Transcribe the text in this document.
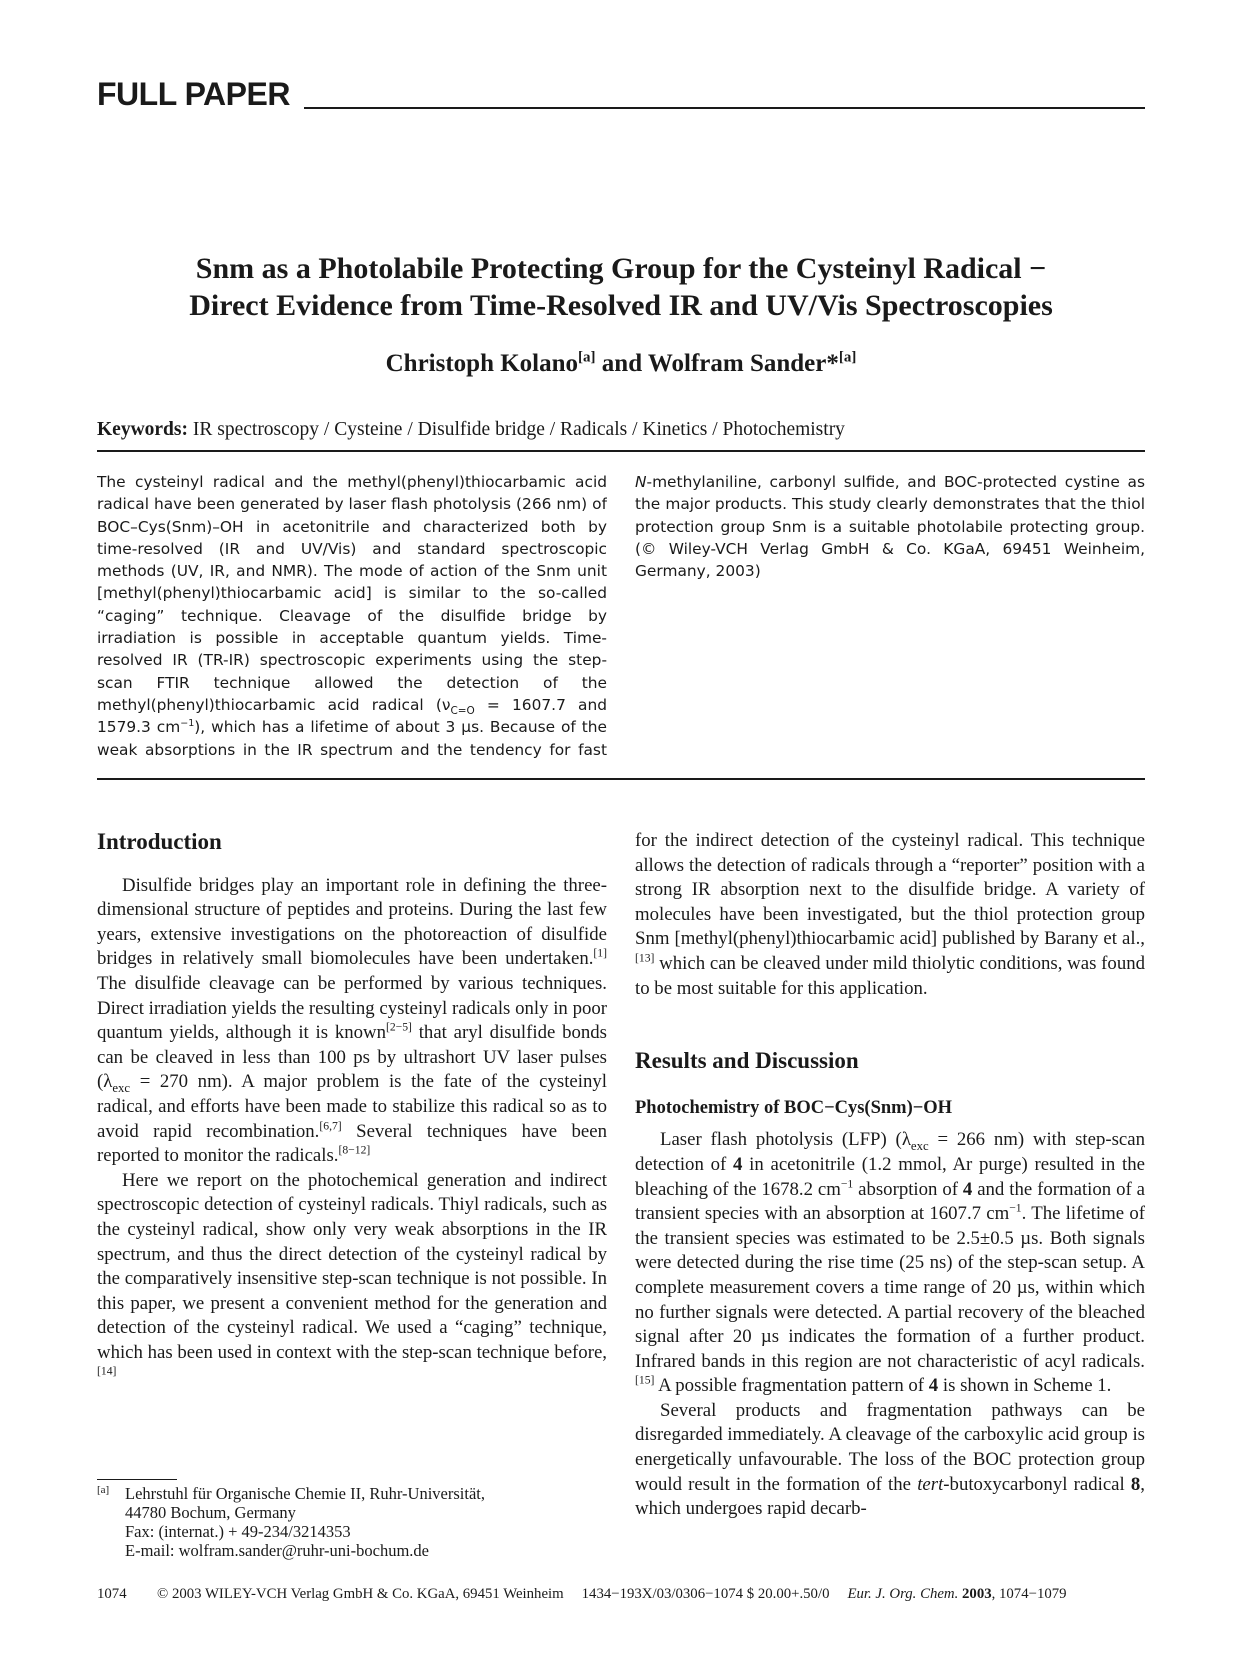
FULL PAPER
Snm as a Photolabile Protecting Group for the Cysteinyl Radical −
Direct Evidence from Time-Resolved IR and UV/Vis Spectroscopies
Christoph Kolano[a] and Wolfram Sander*[a]
Keywords: IR spectroscopy / Cysteine / Disulfide bridge / Radicals / Kinetics / Photochemistry
The cysteinyl radical and the methyl(phenyl)thiocarbamic acid radical have been generated by laser flash photolysis (266 nm) of BOC–Cys(Snm)–OH in acetonitrile and characterized both by time-resolved (IR and UV/Vis) and standard spectroscopic methods (UV, IR, and NMR). The mode of action of the Snm unit [methyl(phenyl)thiocarbamic acid] is similar to the so-called “caging” technique. Cleavage of the disulfide bridge by irradiation is possible in acceptable quantum yields. Time-resolved IR (TR-IR) spectroscopic experiments using the step-scan FTIR technique allowed the detection of the methyl(phenyl)thiocarbamic acid radical ($\nu_{C=O} = 1607.7$ and 1579.3 $cm^{-1}$), which has a lifetime of about 3 µs. Because of the weak absorptions in the IR spectrum and the tendency for fast
N-methylaniline, carbonyl sulfide, and BOC-protected cystine as the major products. This study clearly demonstrates that the thiol protection group Snm is a suitable photolabile protecting group. (© Wiley-VCH Verlag GmbH & Co. KGaA, 69451 Weinheim, Germany, 2003)
Introduction

Disulfide bridges play an important role in defining the three-dimensional structure of peptides and proteins. During the last few years, extensive investigations on the photoreaction of disulfide bridges in relatively small biomolecules have been undertaken.[1] The disulfide cleavage can be performed by various techniques. Direct irradiation yields the resulting cysteinyl radicals only in poor quantum yields, although it is known[2−5] that aryl disulfide bonds can be cleaved in less than 100 ps by ultrashort UV laser pulses ($\lambda_{exc} = 270$ nm). A major problem is the fate of the cysteinyl radical, and efforts have been made to stabilize this radical so as to avoid rapid recombination.[6,7] Several techniques have been reported to monitor the radicals.[8−12]

Here we report on the photochemical generation and indirect spectroscopic detection of cysteinyl radicals. Thiyl radicals, such as the cysteinyl radical, show only very weak absorptions in the IR spectrum, and thus the direct detection of the cysteinyl radical by the comparatively insensitive step-scan technique is not possible. In this paper, we present a convenient method for the generation and detection of the cysteinyl radical. We used a “caging” technique, which has been used in context with the step-scan technique before,[14]

for the indirect detection of the cysteinyl radical. This technique allows the detection of radicals through a “reporter” position with a strong IR absorption next to the disulfide bridge. A variety of molecules have been investigated, but the thiol protection group Snm [methyl(phenyl)thiocarbamic acid] published by Barany et al.,[13] which can be cleaved under mild thiolytic conditions, was found to be most suitable for this application.

Results and Discussion
Photochemistry of BOC−Cys(Snm)−OH

Laser flash photolysis (LFP) ($\lambda_{exc} = 266$ nm) with step-scan detection of 4 in acetonitrile (1.2 mmol, Ar purge) resulted in the bleaching of the 1678.2 $cm^{-1}$ absorption of 4 and the formation of a transient species with an absorption at 1607.7 $cm^{-1}$. The lifetime of the transient species was estimated to be 2.5±0.5 µs. Both signals were detected during the rise time (25 ns) of the step-scan setup. A complete measurement covers a time range of 20 µs, within which no further signals were detected. A partial recovery of the bleached signal after 20 µs indicates the formation of a further product. Infrared bands in this region are not characteristic of acyl radicals.[15] A possible fragmentation pattern of 4 is shown in Scheme 1.

Several products and fragmentation pathways can be disregarded immediately. A cleavage of the carboxylic acid group is energetically unfavourable. The loss of the BOC protection group would result in the formation of the tert-butoxycarbonyl radical 8, which undergoes rapid decarb-

[a] Lehrstuhl für Organische Chemie II, Ruhr-Universität,
44780 Bochum, Germany
Fax: (internat.) + 49-234/3214353
E-mail: wolfram.sander@ruhr-uni-bochum.de
1074 © 2003 WILEY-VCH Verlag GmbH & Co. KGaA, 69451 Weinheim 1434−193X/03/0306−1074 $ 20.00+.50/0 Eur. J. Org. Chem. 2003, 1074−1079
